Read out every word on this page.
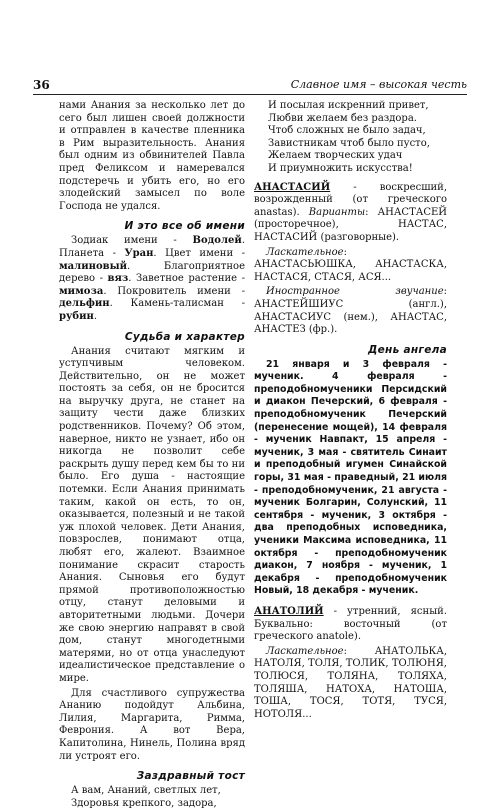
36	Славное имя – высокая честь

нами Анания за несколько лет до сего был лишен своей должности и отправлен в качестве пленника в Рим выразительность. Анания был одним из обвинителей Павла пред Феликсом и намеревался подстеречь и убить его, но его злодейский замысел по воле Господа не удался.

И это все об имени

Зодиак имени - Водолей. Планета - Уран. Цвет имени - малиновый. Благоприятное дерево - вяз. Заветное растение - мимоза. Покровитель имени - дельфин. Камень-талисман - рубин.

Судьба и характер

Анания считают мягким и уступчивым человеком. Действительно, он не может постоять за себя, он не бросится на выручку друга, не станет на защиту чести даже близких родственников. Почему? Об этом, наверное, никто не узнает, ибо он никогда не позволит себе раскрыть душу перед кем бы то ни было. Его душа - настоящие потемки. Если Анания принимать таким, какой он есть, то он, оказывается, полезный и не такой уж плохой человек. Дети Анания, повзрослев, понимают отца, любят его, жалеют. Взаимное понимание скрасит старость Анания. Сыновья его будут прямой противоположностью отцу, станут деловыми и авторитетными людьми. Дочери же свою энергию направят в свой дом, станут многодетными матерями, но от отца унаследуют идеалистическое представление о мире.

Для счастливого супружества Ананию подойдут Альбина, Лилия, Маргарита, Римма, Феврония. А вот Вера, Капитолина, Нинель, Полина вряд ли устроят его.

Заздравный тост
А вам, Ананий, светлых лет,
Здоровья крепкого, задора,
И посылая искренний привет,
Любви желаем без раздора.
Чтоб сложных не было задач,
Завистникам чтоб было пусто,
Желаем творческих удач
И приумножить искусства!

АНАСТАСИЙ - воскресший, возрожденный (от греческого anastas). Варианты: АНАСТАСЕЙ (просторечное), НАСТАС, НАСТАСИЙ (разговорные).

Ласкательное: АНАСТАСЬЮШКА, АНАСТАСКА, НАСТАСЯ, СТАСЯ, АСЯ...

Иностранное звучание: АНАСТЕЙШИУС (англ.), АНАСТАСИУС (нем.), АНАСТАС, АНАСТЕЗ (фр.).

День ангела

21 января и 3 февраля - мученик. 4 февраля - преподобномученики Персидский и диакон Печерский, 6 февраля - преподобномученик Печерский (перенесение мощей), 14 февраля - мученик Навпакт, 15 апреля - мученик, 3 мая - святитель Синаит и преподобный игумен Синайской горы, 31 мая - праведный, 21 июля - преподобномученик, 21 августа - мученик Болгарин, Солунский, 11 сентября - мученик, 3 октября - два преподобных исповедника, ученики Максима исповедника, 11 октября - преподобномученик диакон, 7 ноября - мученик, 1 декабря - преподобномученик Новый, 18 декабря - мученик.

АНАТОЛИЙ - утренний, ясный. Буквально: восточный (от греческого anatole).

Ласкательное: АНАТОЛЬКА, НАТОЛЯ, ТОЛЯ, ТОЛИК, ТОЛЮНЯ, ТОЛЮСЯ, ТОЛЯНА, ТОЛЯХА, ТОЛЯША, НАТОХА, НАТОША, ТОША, ТОСЯ, ТОТЯ, ТУСЯ, НОТОЛЯ...
